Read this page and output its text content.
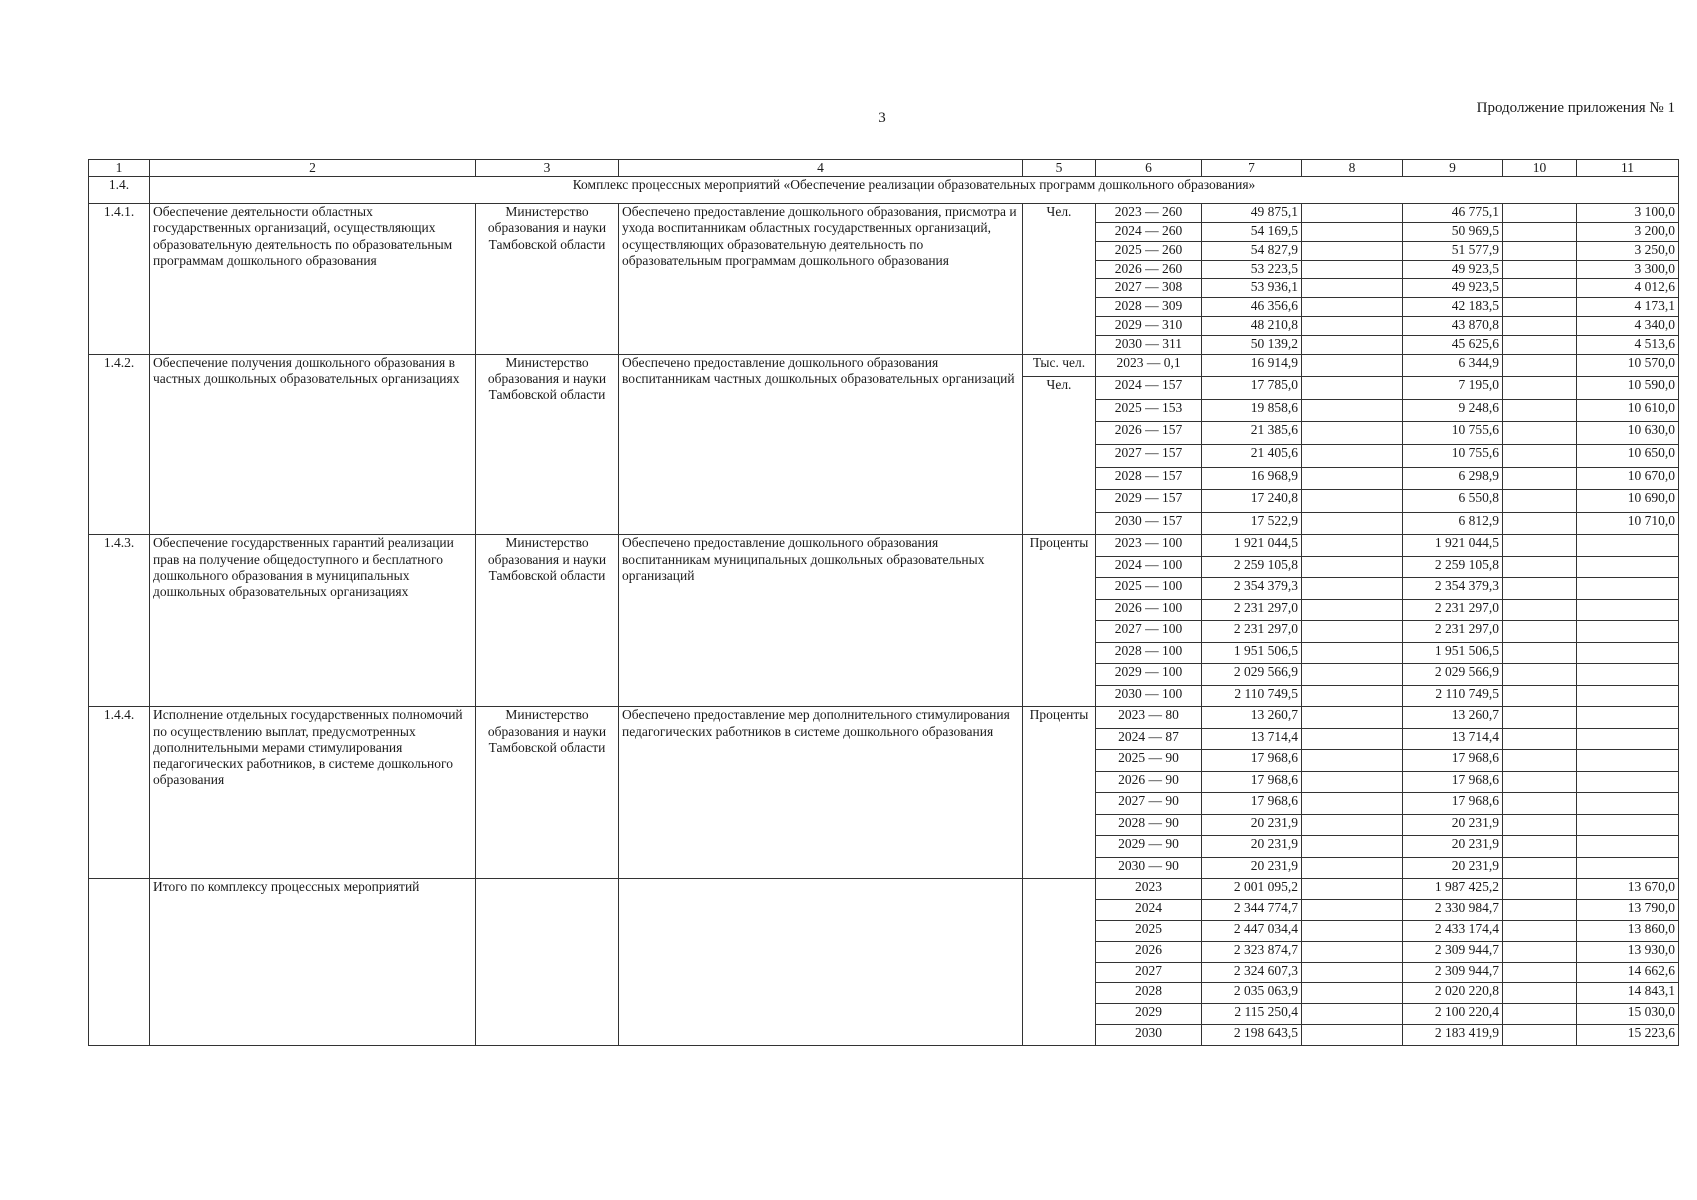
3
Продолжение приложения № 1
1	2	3	4	5	6	7	8	9	10	11
1.4.	Комплекс процессных мероприятий «Обеспечение реализации образовательных программ дошкольного образования»									
1.4.1.	Обеспечение деятельности областных государственных организаций, осуществляющих образовательную деятельность по образовательным программам дошкольного образования	Министерство образования и науки Тамбовской области	Обеспечено предоставление дошкольного образования, присмотра и ухода воспитанникам областных государственных организаций, осуществляющих образовательную деятельность по образовательным программам дошкольного образования	Чел.	2023 — 260	49 875,1		46 775,1		3 100,0
					2024 — 260	54 169,5		50 969,5		3 200,0
					2025 — 260	54 827,9		51 577,9		3 250,0
					2026 — 260	53 223,5		49 923,5		3 300,0
					2027 — 308	53 936,1		49 923,5		4 012,6
					2028 — 309	46 356,6		42 183,5		4 173,1
					2029 — 310	48 210,8		43 870,8		4 340,0
					2030 — 311	50 139,2		45 625,6		4 513,6
1.4.2.	Обеспечение получения дошкольного образования в частных дошкольных образовательных организациях	Министерство образования и науки Тамбовской области	Обеспечено предоставление дошкольного образования воспитанникам частных дошкольных образовательных организаций	Тыс. чел.	2023 — 0,1	16 914,9		6 344,9		10 570,0
				Чел.	2024 — 157	17 785,0		7 195,0		10 590,0
					2025 — 153	19 858,6		9 248,6		10 610,0
					2026 — 157	21 385,6		10 755,6		10 630,0
					2027 — 157	21 405,6		10 755,6		10 650,0
					2028 — 157	16 968,9		6 298,9		10 670,0
					2029 — 157	17 240,8		6 550,8		10 690,0
					2030 — 157	17 522,9		6 812,9		10 710,0
1.4.3.	Обеспечение государственных гарантий реализации прав на получение общедоступного и бесплатного дошкольного образования в муниципальных дошкольных образовательных организациях	Министерство образования и науки Тамбовской области	Обеспечено предоставление дошкольного образования воспитанникам муниципальных дошкольных образовательных организаций	Проценты	2023 — 100	1 921 044,5		1 921 044,5		
					2024 — 100	2 259 105,8		2 259 105,8		
					2025 — 100	2 354 379,3		2 354 379,3		
					2026 — 100	2 231 297,0		2 231 297,0		
					2027 — 100	2 231 297,0		2 231 297,0		
					2028 — 100	1 951 506,5		1 951 506,5		
					2029 — 100	2 029 566,9		2 029 566,9		
					2030 — 100	2 110 749,5		2 110 749,5		
1.4.4.	Исполнение отдельных государственных полномочий по осуществлению выплат, предусмотренных дополнительными мерами стимулирования педагогических работников, в системе дошкольного образования	Министерство образования и науки Тамбовской области	Обеспечено предоставление мер дополнительного стимулирования педагогических работников в системе дошкольного образования	Проценты	2023 — 80	13 260,7		13 260,7		
					2024 — 87	13 714,4		13 714,4		
					2025 — 90	17 968,6		17 968,6		
					2026 — 90	17 968,6		17 968,6		
					2027 — 90	17 968,6		17 968,6		
					2028 — 90	20 231,9		20 231,9		
					2029 — 90	20 231,9		20 231,9		
					2030 — 90	20 231,9		20 231,9		
	Итого по комплексу процессных мероприятий				2023	2 001 095,2		1 987 425,2		13 670,0
					2024	2 344 774,7		2 330 984,7		13 790,0
					2025	2 447 034,4		2 433 174,4		13 860,0
					2026	2 323 874,7		2 309 944,7		13 930,0
					2027	2 324 607,3		2 309 944,7		14 662,6
					2028	2 035 063,9		2 020 220,8		14 843,1
					2029	2 115 250,4		2 100 220,4		15 030,0
					2030	2 198 643,5		2 183 419,9		15 223,6
